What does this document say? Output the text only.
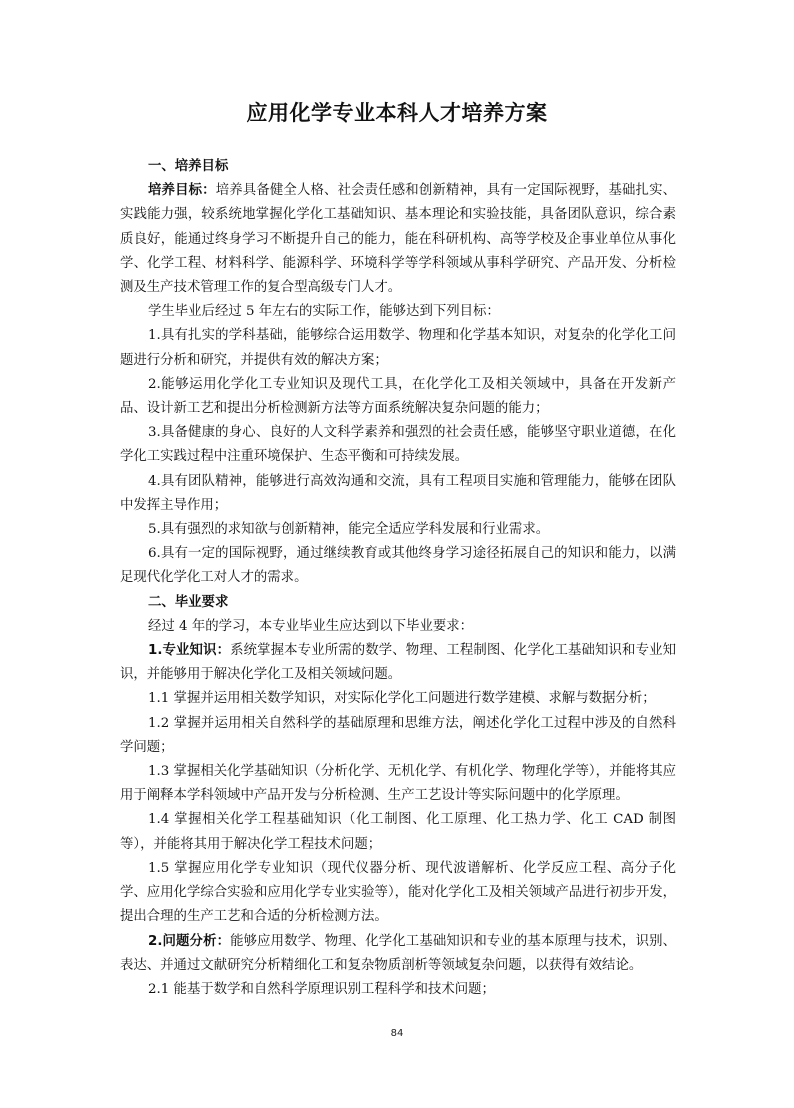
应用化学专业本科人才培养方案
一、培养目标

培养目标：培养具备健全人格、社会责任感和创新精神，具有一定国际视野，基础扎实、实践能力强，较系统地掌握化学化工基础知识、基本理论和实验技能，具备团队意识，综合素质良好，能通过终身学习不断提升自己的能力，能在科研机构、高等学校及企事业单位从事化学、化学工程、材料科学、能源科学、环境科学等学科领域从事科学研究、产品开发、分析检测及生产技术管理工作的复合型高级专门人才。

学生毕业后经过 5 年左右的实际工作，能够达到下列目标：

1.具有扎实的学科基础，能够综合运用数学、物理和化学基本知识，对复杂的化学化工问题进行分析和研究，并提供有效的解决方案；

2.能够运用化学化工专业知识及现代工具，在化学化工及相关领域中，具备在开发新产品、设计新工艺和提出分析检测新方法等方面系统解决复杂问题的能力；

3.具备健康的身心、良好的人文科学素养和强烈的社会责任感，能够坚守职业道德，在化学化工实践过程中注重环境保护、生态平衡和可持续发展。

4.具有团队精神，能够进行高效沟通和交流，具有工程项目实施和管理能力，能够在团队中发挥主导作用；

5.具有强烈的求知欲与创新精神，能完全适应学科发展和行业需求。

6.具有一定的国际视野，通过继续教育或其他终身学习途径拓展自己的知识和能力，以满足现代化学化工对人才的需求。

二、毕业要求

经过 4 年的学习，本专业毕业生应达到以下毕业要求：

1.专业知识：系统掌握本专业所需的数学、物理、工程制图、化学化工基础知识和专业知识，并能够用于解决化学化工及相关领域问题。

1.1 掌握并运用相关数学知识，对实际化学化工问题进行数学建模、求解与数据分析；

1.2 掌握并运用相关自然科学的基础原理和思维方法，阐述化学化工过程中涉及的自然科学问题；

1.3 掌握相关化学基础知识（分析化学、无机化学、有机化学、物理化学等），并能将其应用于阐释本学科领域中产品开发与分析检测、生产工艺设计等实际问题中的化学原理。

1.4 掌握相关化学工程基础知识（化工制图、化工原理、化工热力学、化工 CAD 制图等），并能将其用于解决化学工程技术问题；

1.5 掌握应用化学专业知识（现代仪器分析、现代波谱解析、化学反应工程、高分子化学、应用化学综合实验和应用化学专业实验等），能对化学化工及相关领域产品进行初步开发，提出合理的生产工艺和合适的分析检测方法。

2.问题分析：能够应用数学、物理、化学化工基础知识和专业的基本原理与技术，识别、表达、并通过文献研究分析精细化工和复杂物质剖析等领域复杂问题，以获得有效结论。

2.1 能基于数学和自然科学原理识别工程科学和技术问题；

84
